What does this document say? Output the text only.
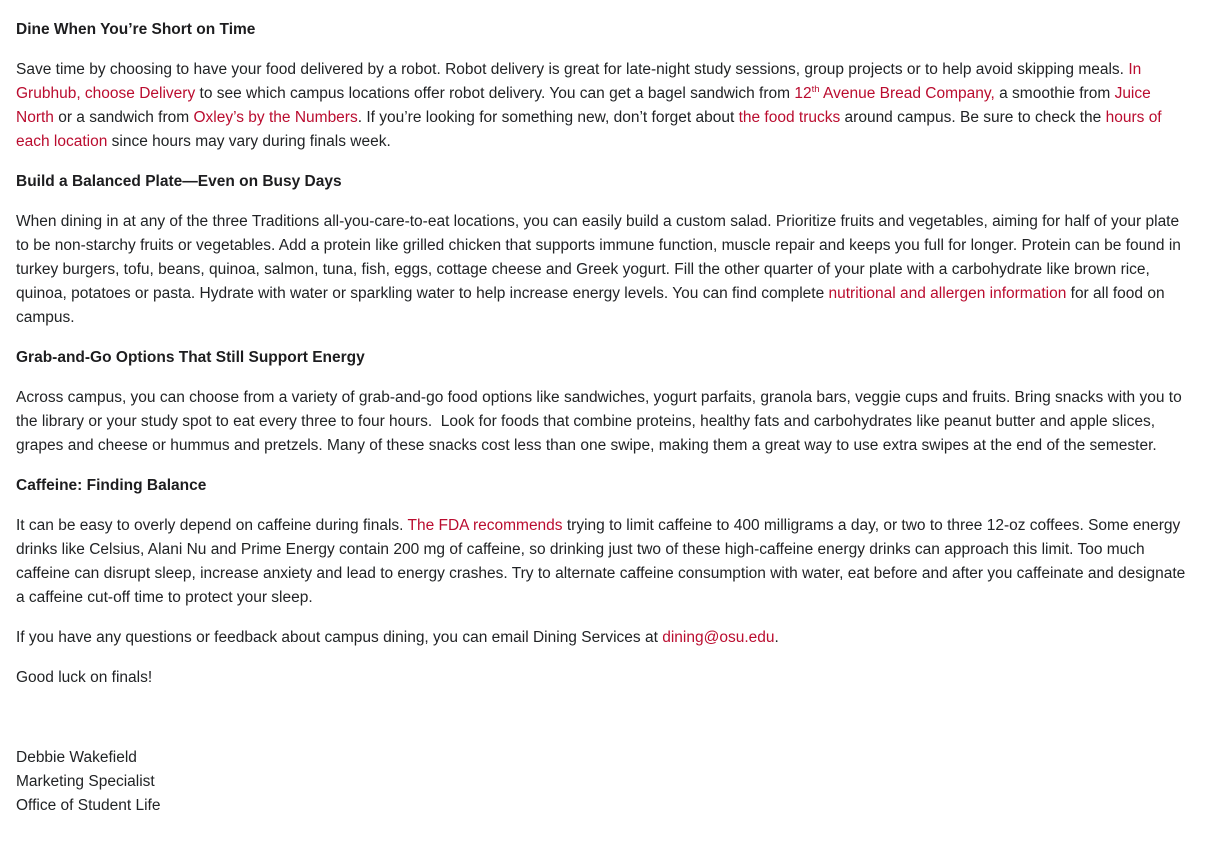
Dine When You’re Short on Time

Save time by choosing to have your food delivered by a robot. Robot delivery is great for late-night study sessions, group projects or to help avoid skipping meals. In Grubhub, choose Delivery to see which campus locations offer robot delivery. You can get a bagel sandwich from 12th Avenue Bread Company, a smoothie from Juice North or a sandwich from Oxley’s by the Numbers. If you’re looking for something new, don’t forget about the food trucks around campus. Be sure to check the hours of each location since hours may vary during finals week.

Build a Balanced Plate—Even on Busy Days

When dining in at any of the three Traditions all-you-care-to-eat locations, you can easily build a custom salad. Prioritize fruits and vegetables, aiming for half of your plate to be non-starchy fruits or vegetables. Add a protein like grilled chicken that supports immune function, muscle repair and keeps you full for longer. Protein can be found in turkey burgers, tofu, beans, quinoa, salmon, tuna, fish, eggs, cottage cheese and Greek yogurt. Fill the other quarter of your plate with a carbohydrate like brown rice, quinoa, potatoes or pasta. Hydrate with water or sparkling water to help increase energy levels. You can find complete nutritional and allergen information for all food on campus.

Grab-and-Go Options That Still Support Energy

Across campus, you can choose from a variety of grab-and-go food options like sandwiches, yogurt parfaits, granola bars, veggie cups and fruits. Bring snacks with you to the library or your study spot to eat every three to four hours.  Look for foods that combine proteins, healthy fats and carbohydrates like peanut butter and apple slices, grapes and cheese or hummus and pretzels. Many of these snacks cost less than one swipe, making them a great way to use extra swipes at the end of the semester.

Caffeine: Finding Balance

It can be easy to overly depend on caffeine during finals. The FDA recommends trying to limit caffeine to 400 milligrams a day, or two to three 12-oz coffees. Some energy drinks like Celsius, Alani Nu and Prime Energy contain 200 mg of caffeine, so drinking just two of these high-caffeine energy drinks can approach this limit. Too much caffeine can disrupt sleep, increase anxiety and lead to energy crashes. Try to alternate caffeine consumption with water, eat before and after you caffeinate and designate a caffeine cut-off time to protect your sleep.

If you have any questions or feedback about campus dining, you can email Dining Services at dining@osu.edu.

Good luck on finals!

Debbie Wakefield
Marketing Specialist
Office of Student Life
